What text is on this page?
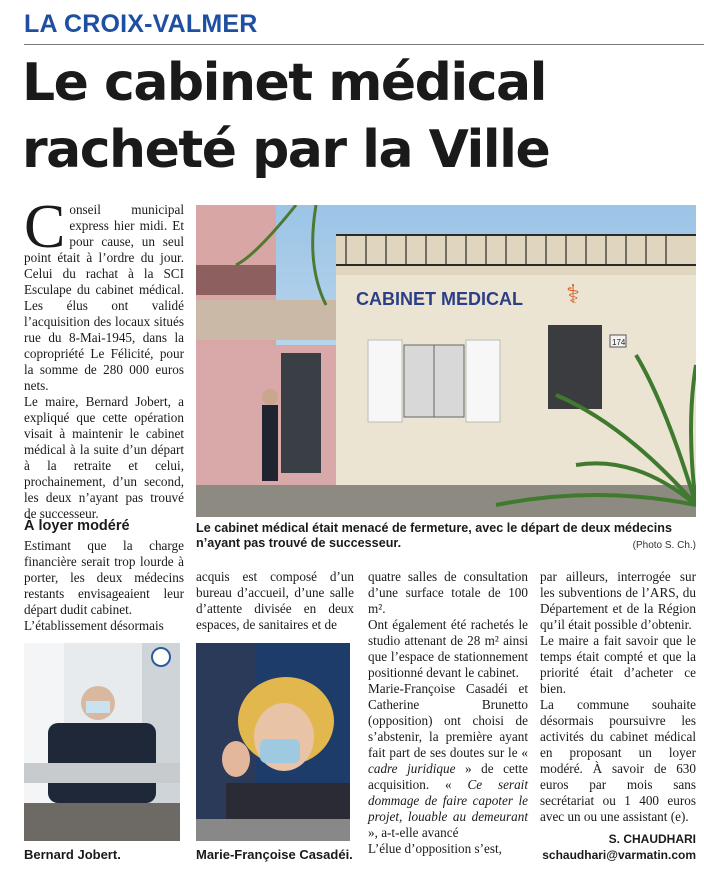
LA CROIX-VALMER
Le cabinet médical
racheté par la Ville

Conseil municipal express hier midi. Et pour cause, un seul point était à l’ordre du jour. Celui du rachat à la SCI Esculape du cabinet médical. Les élus ont validé l’acquisition des locaux situés rue du 8-Mai-1945, dans la copropriété Le Félicité, pour la somme de 280 000 euros nets.

Le maire, Bernard Jobert, a expliqué que cette opération visait à maintenir le cabinet médical à la suite d’un départ à la retraite et celui, prochainement, d’un second, les deux n’ayant pas trouvé de successeur.

CABINET MEDICAL ⚕
174
Le cabinet médical était menacé de fermeture, avec le départ de deux médecins n’ayant pas trouvé de successeur.	(Photo S. Ch.)
À loyer modéré

Estimant que la charge financière serait trop lourde à porter, les deux médecins restants envisageaient leur départ dudit cabinet.

L’établissement désormais

acquis est composé d’un bureau d’accueil, d’une salle d’attente divisée en deux espaces, de sanitaires et de

quatre salles de consultation d’une surface totale de 100 m².

Ont également été rachetés le studio attenant de 28 m² ainsi que l’espace de stationnement positionné devant le cabinet.

Marie-Françoise Casadéi et Catherine Brunetto (opposition) ont choisi de s’abstenir, la première ayant fait part de ses doutes sur le « cadre juridique » de cette acquisition. « Ce serait dommage de faire capoter le projet, louable au demeurant », a-t-elle avancé

L’élue d’opposition s’est,

par ailleurs, interrogée sur les subventions de l’ARS, du Département et de la Région qu’il était possible d’obtenir.

Le maire a fait savoir que le temps était compté et que la priorité était d’acheter ce bien.

La commune souhaite désormais poursuivre les activités du cabinet médical en proposant un loyer modéré. À savoir de 630 euros par mois sans secrétariat ou 1 400 euros avec un ou une assistant (e).

S. CHAUDHARI
schaudhari@varmatin.com
Bernard Jobert.	Marie-Françoise Casadéi.
